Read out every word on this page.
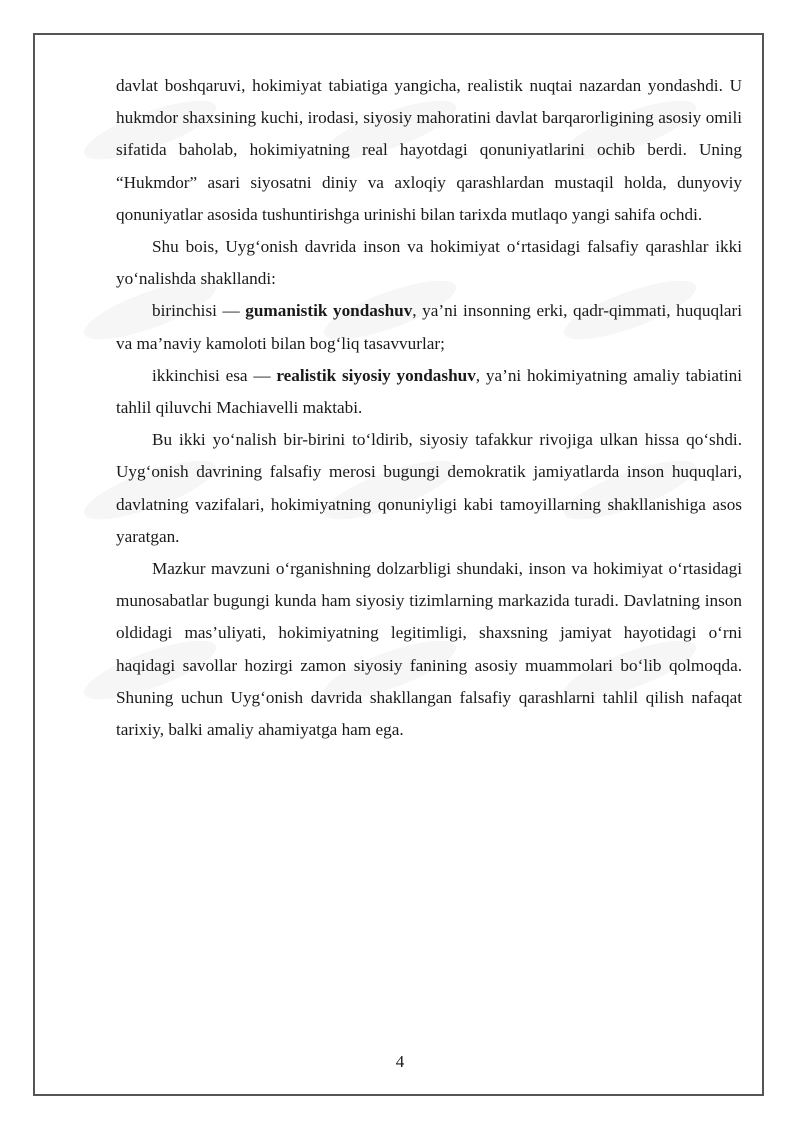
davlat boshqaruvi, hokimiyat tabiatiga yangicha, realistik nuqtai nazardan yondashdi. U hukmdor shaxsining kuchi, irodasi, siyosiy mahoratini davlat barqarorligining asosiy omili sifatida baholab, hokimiyatning real hayotdagi qonuniyatlarini ochib berdi. Uning “Hukmdor” asari siyosatni diniy va axloqiy qarashlardan mustaqil holda, dunyoviy qonuniyatlar asosida tushuntirishga urinishi bilan tarixda mutlaqo yangi sahifa ochdi.

Shu bois, Uyg‘onish davrida inson va hokimiyat o‘rtasidagi falsafiy qarashlar ikki yo‘nalishda shakllandi:

birinchisi — gumanistik yondashuv, ya’ni insonning erki, qadr-qimmati, huquqlari va ma’naviy kamoloti bilan bog‘liq tasavvurlar;

ikkinchisi esa — realistik siyosiy yondashuv, ya’ni hokimiyatning amaliy tabiatini tahlil qiluvchi Machiavelli maktabi.

Bu ikki yo‘nalish bir-birini to‘ldirib, siyosiy tafakkur rivojiga ulkan hissa qo‘shdi. Uyg‘onish davrining falsafiy merosi bugungi demokratik jamiyatlarda inson huquqlari, davlatning vazifalari, hokimiyatning qonuniyligi kabi tamoyillarning shakllanishiga asos yaratgan.

Mazkur mavzuni o‘rganishning dolzarbligi shundaki, inson va hokimiyat o‘rtasidagi munosabatlar bugungi kunda ham siyosiy tizimlarning markazida turadi. Davlatning inson oldidagi mas’uliyati, hokimiyatning legitimligi, shaxsning jamiyat hayotidagi o‘rni haqidagi savollar hozirgi zamon siyosiy fanining asosiy muammolari bo‘lib qolmoqda. Shuning uchun Uyg‘onish davrida shakllangan falsafiy qarashlarni tahlil qilish nafaqat tarixiy, balki amaliy ahamiyatga ham ega.

4
